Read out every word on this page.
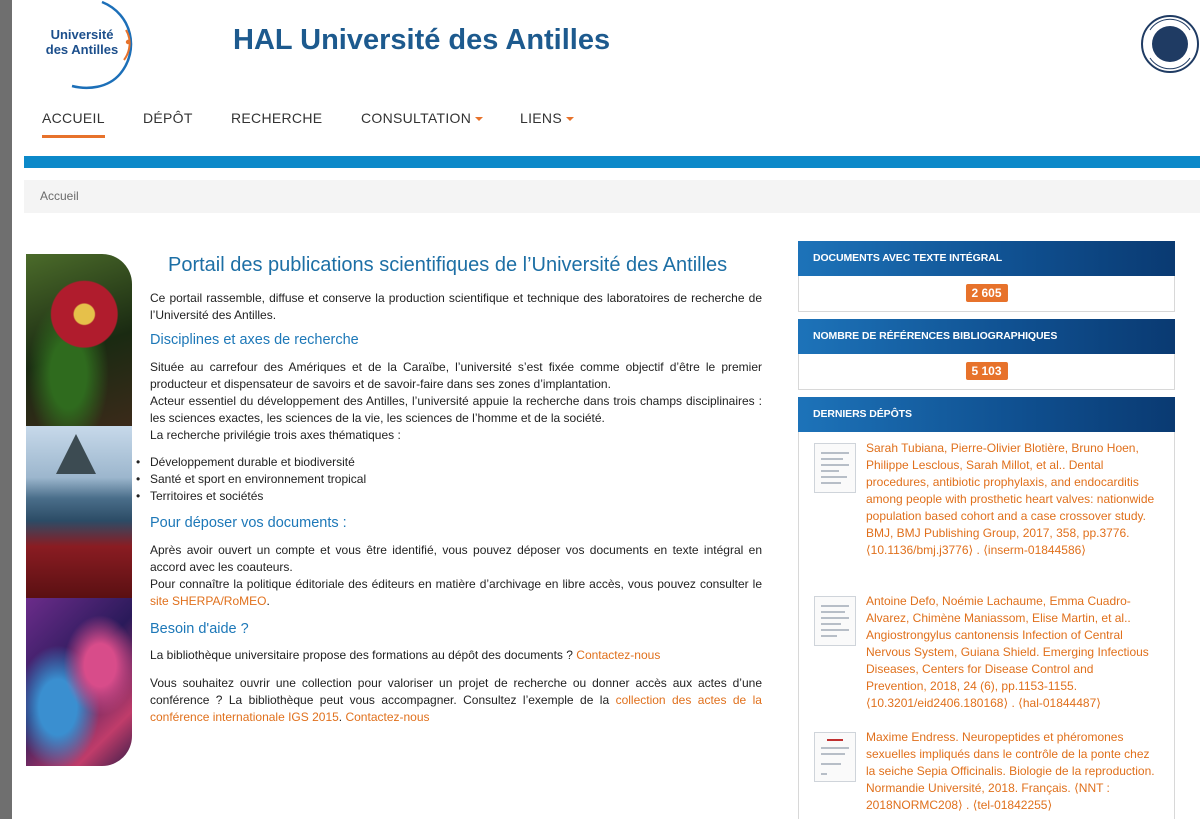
Université des Antilles	HAL Université des Antilles
ACCUEIL	DÉPÔT	RECHERCHE	CONSULTATION	LIENS
Accueil
Portail des publications scientifiques de l’Université des Antilles

Ce portail rassemble, diffuse et conserve la production scientifique et technique des laboratoires de recherche de l’Université des Antilles.

Disciplines et axes de recherche

Située au carrefour des Amériques et de la Caraïbe, l’université s’est fixée comme objectif d’être le premier producteur et dispensateur de savoirs et de savoir-faire dans ses zones d’implantation.

Acteur essentiel du développement des Antilles, l’université appuie la recherche dans trois champs disciplinaires : les sciences exactes, les sciences de la vie, les sciences de l’homme et de la société.

La recherche privilégie trois axes thématiques :

• Développement durable et biodiversité
• Santé et sport en environnement tropical
• Territoires et sociétés
Pour déposer vos documents :

Après avoir ouvert un compte et vous être identifié, vous pouvez déposer vos documents en texte intégral en accord avec les coauteurs.

Pour connaître la politique éditoriale des éditeurs en matière d’archivage en libre accès, vous pouvez consulter le site SHERPA/RoMEO.

Besoin d'aide ?

La bibliothèque universitaire propose des formations au dépôt des documents ? Contactez-nous

Vous souhaitez ouvrir une collection pour valoriser un projet de recherche ou donner accès aux actes d’une conférence ? La bibliothèque peut vous accompagner. Consultez l’exemple de la collection des actes de la conférence internationale IGS 2015. Contactez-nous

DOCUMENTS AVEC TEXTE INTÉGRAL
2 605
NOMBRE DE RÉFÉRENCES BIBLIOGRAPHIQUES
5 103
DERNIERS DÉPÔTS
Sarah Tubiana, Pierre-Olivier Blotière, Bruno Hoen, Philippe Lesclous, Sarah Millot, et al.. Dental procedures, antibiotic prophylaxis, and endocarditis among people with prosthetic heart valves: nationwide population based cohort and a case crossover study. BMJ, BMJ Publishing Group, 2017, 358, pp.3776. ⟨10.1136/bmj.j3776⟩ . ⟨inserm-01844586⟩
Antoine Defo, Noémie Lachaume, Emma Cuadro-Alvarez, Chimène Maniassom, Elise Martin, et al.. Angiostrongylus cantonensis Infection of Central Nervous System, Guiana Shield. Emerging Infectious Diseases, Centers for Disease Control and Prevention, 2018, 24 (6), pp.1153-1155. ⟨10.3201/eid2406.180168⟩ . ⟨hal-01844487⟩
Maxime Endress. Neuropeptides et phéromones sexuelles impliqués dans le contrôle de la ponte chez la seiche Sepia Officinalis. Biologie de la reproduction. Normandie Université, 2018. Français. ⟨NNT : 2018NORMC208⟩ . ⟨tel-01842255⟩
